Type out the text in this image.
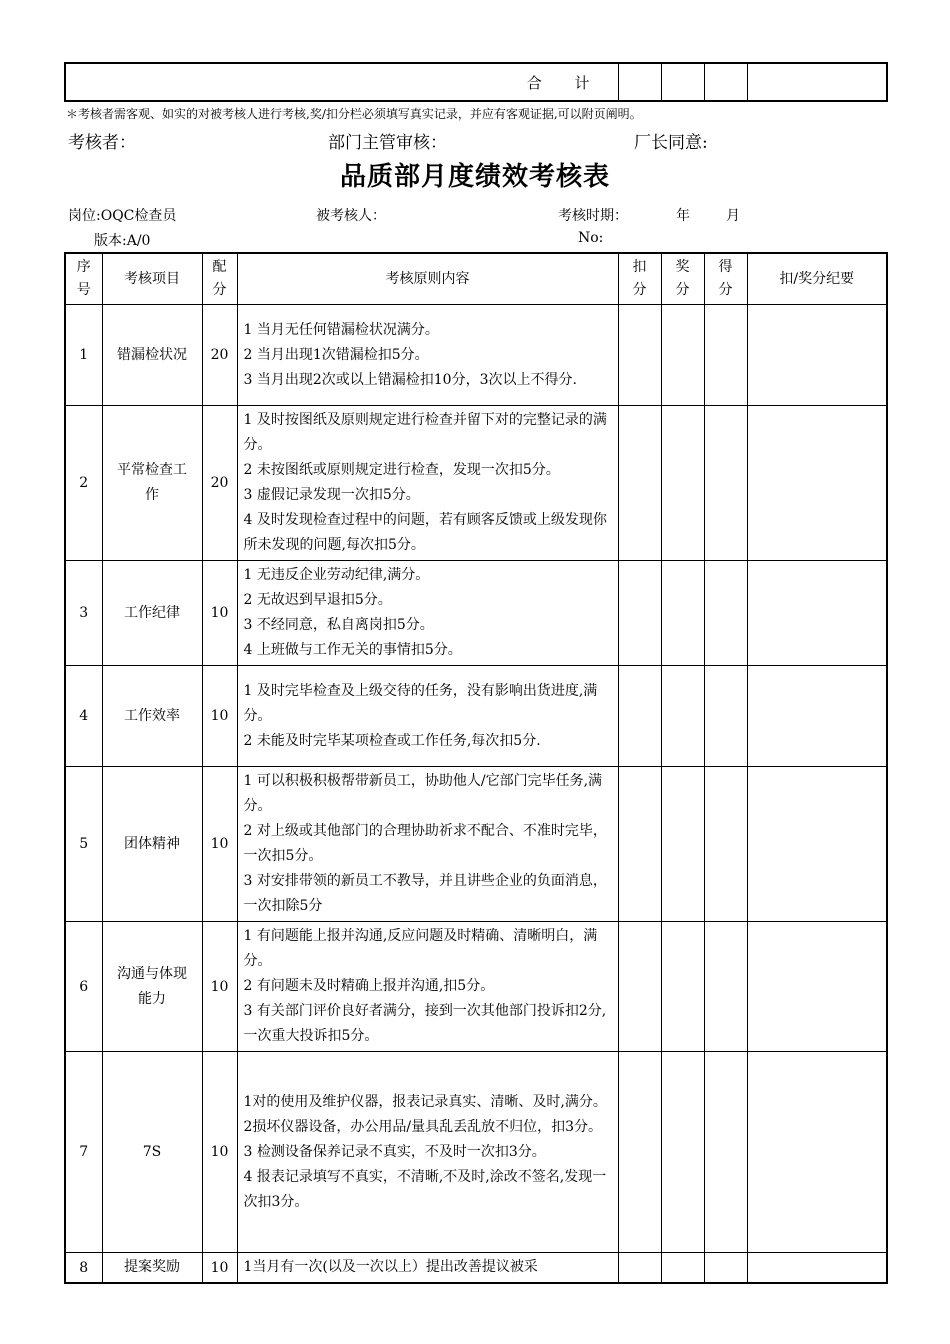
合 计				
＊考核者需客观、如实的对被考核人进行考核,奖/扣分栏必须填写真实记录，并应有客观证据,可以附页阐明。
考核者：	部门主管审核：	厂长同意:
品质部月度绩效考核表
岗位:OQC检查员	被考核人：	考核时期：	年	月
版本:A/0	No:
序号	考核项目	配分	考核原则内容	扣分	奖分	得分	扣/奖分纪要
1	错漏检状况	20	1 当月无任何错漏检状况满分。
2 当月出现1次错漏检扣5分。
3 当月出现2次或以上错漏检扣10分，3次以上不得分.				

2	平常检查工作	20	1 及时按图纸及原则规定进行检查并留下对的完整记录的满分。
2 未按图纸或原则规定进行检查，发现一次扣5分。
3 虚假记录发现一次扣5分。
4 及时发现检查过程中的问题，若有顾客反馈或上级发现你所未发现的问题,每次扣5分。				

3	工作纪律	10	1 无违反企业劳动纪律,满分。
2 无故迟到早退扣5分。
3 不经同意，私自离岗扣5分。
4 上班做与工作无关的事情扣5分。				

4	工作效率	10	1 及时完毕检查及上级交待的任务，没有影响出货进度,满分。
2 未能及时完毕某项检查或工作任务,每次扣5分.				

5	团体精神	10	1 可以积极积极帮带新员工，协助他人/它部门完毕任务,满分。
2 对上级或其他部门的合理协助祈求不配合、不准时完毕，一次扣5分。
3 对安排带领的新员工不教导，并且讲些企业的负面消息，一次扣除5分				

6	沟通与体现能力	10	1 有问题能上报并沟通,反应问题及时精确、清晰明白，满分。
2 有问题未及时精确上报并沟通,扣5分。
3 有关部门评价良好者满分，接到一次其他部门投诉扣2分,一次重大投诉扣5分。				

7	7S	10	1对的使用及维护仪器，报表记录真实、清晰、及时,满分。
2损坏仪器设备，办公用品/量具乱丢乱放不归位，扣3分。
3 检测设备保养记录不真实，不及时一次扣3分。
4 报表记录填写不真实，不清晰,不及时,涂改不签名,发现一次扣3分。				

8	提案奖励	10	1当月有一次(以及一次以上）提出改善提议被采				
